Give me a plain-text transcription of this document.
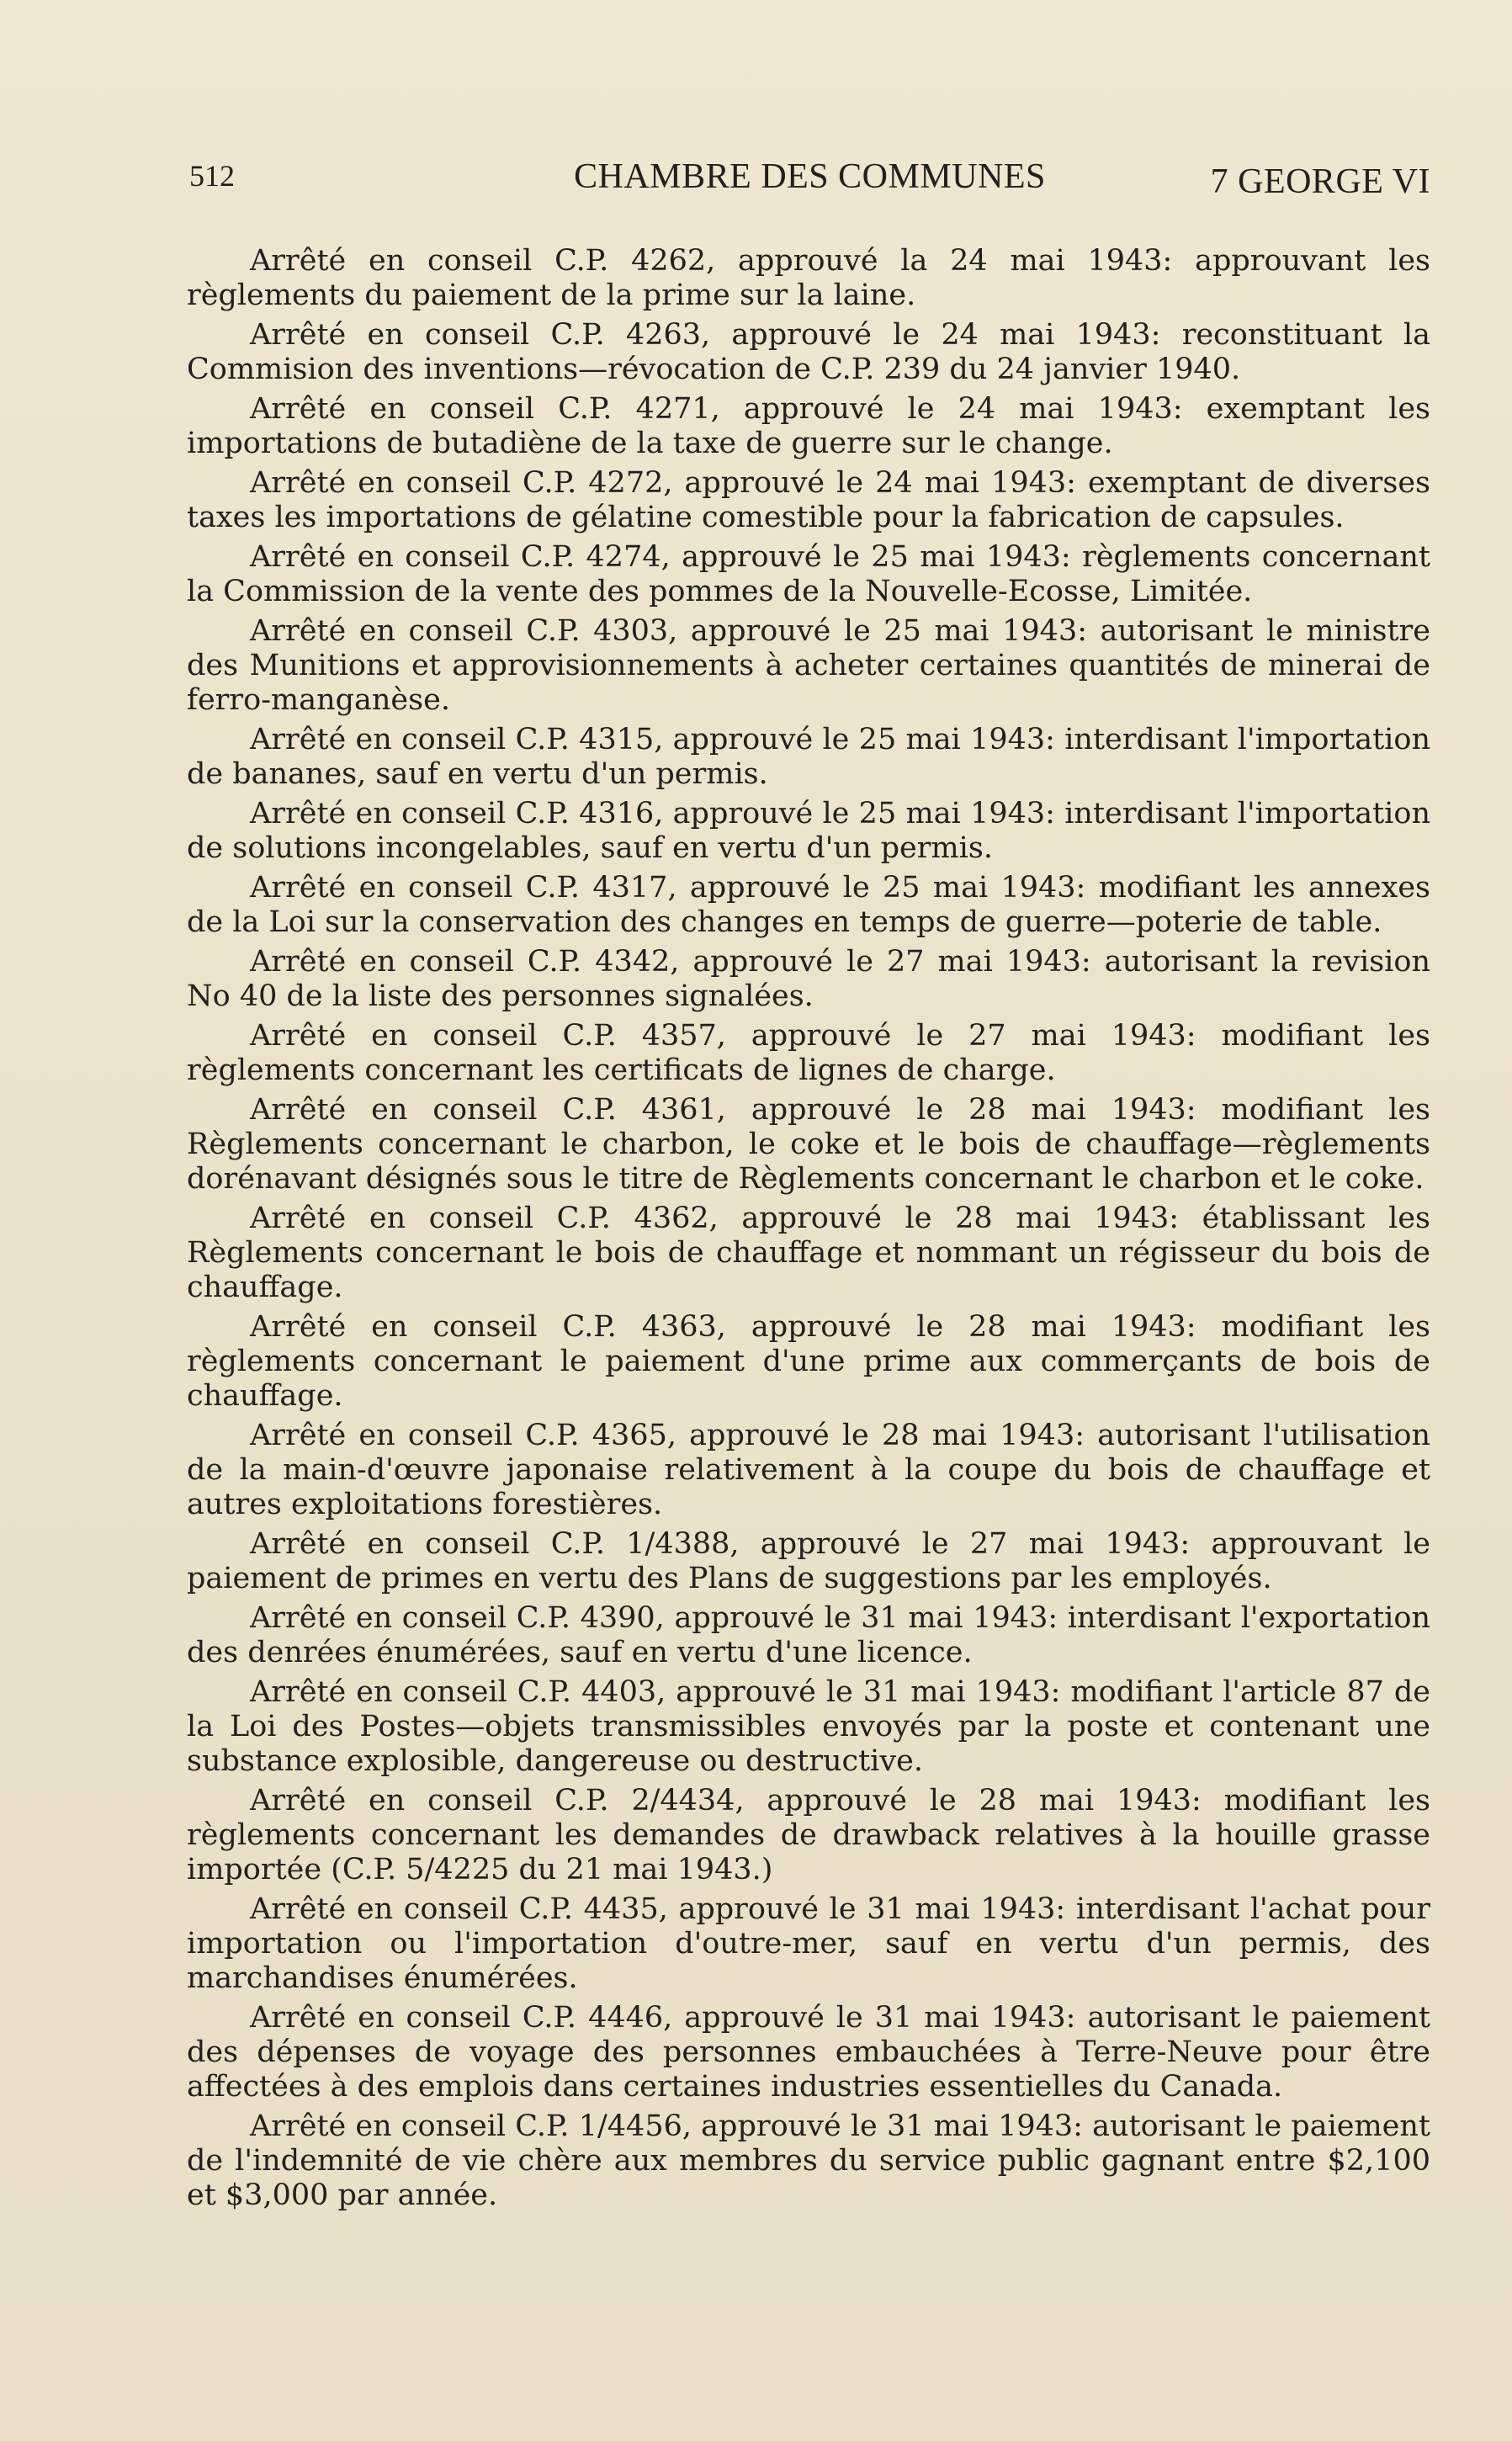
512	CHAMBRE DES COMMUNES	7 GEORGE VI

Arrêté en conseil C.P. 4262, approuvé la 24 mai 1943: approuvant les règlements du paiement de la prime sur la laine.

Arrêté en conseil C.P. 4263, approuvé le 24 mai 1943: reconstituant la Commision des inventions—révocation de C.P. 239 du 24 janvier 1940.

Arrêté en conseil C.P. 4271, approuvé le 24 mai 1943: exemptant les importations de butadiène de la taxe de guerre sur le change.

Arrêté en conseil C.P. 4272, approuvé le 24 mai 1943: exemptant de diverses taxes les importations de gélatine comestible pour la fabrication de capsules.

Arrêté en conseil C.P. 4274, approuvé le 25 mai 1943: règlements concernant la Commission de la vente des pommes de la Nouvelle-Ecosse, Limitée.

Arrêté en conseil C.P. 4303, approuvé le 25 mai 1943: autorisant le ministre des Munitions et approvisionnements à acheter certaines quantités de minerai de ferro-manganèse.

Arrêté en conseil C.P. 4315, approuvé le 25 mai 1943: interdisant l'importation de bananes, sauf en vertu d'un permis.

Arrêté en conseil C.P. 4316, approuvé le 25 mai 1943: interdisant l'importation de solutions incongelables, sauf en vertu d'un permis.

Arrêté en conseil C.P. 4317, approuvé le 25 mai 1943: modifiant les annexes de la Loi sur la conservation des changes en temps de guerre—poterie de table.

Arrêté en conseil C.P. 4342, approuvé le 27 mai 1943: autorisant la revision No 40 de la liste des personnes signalées.

Arrêté en conseil C.P. 4357, approuvé le 27 mai 1943: modifiant les règlements concernant les certificats de lignes de charge.

Arrêté en conseil C.P. 4361, approuvé le 28 mai 1943: modifiant les Règlements concernant le charbon, le coke et le bois de chauffage—règlements dorénavant désignés sous le titre de Règlements concernant le charbon et le coke.

Arrêté en conseil C.P. 4362, approuvé le 28 mai 1943: établissant les Règlements concernant le bois de chauffage et nommant un régisseur du bois de chauffage.

Arrêté en conseil C.P. 4363, approuvé le 28 mai 1943: modifiant les règlements concernant le paiement d'une prime aux commerçants de bois de chauffage.

Arrêté en conseil C.P. 4365, approuvé le 28 mai 1943: autorisant l'utilisation de la main-d'œuvre japonaise relativement à la coupe du bois de chauffage et autres exploitations forestières.

Arrêté en conseil C.P. 1/4388, approuvé le 27 mai 1943: approuvant le paiement de primes en vertu des Plans de suggestions par les employés.

Arrêté en conseil C.P. 4390, approuvé le 31 mai 1943: interdisant l'exportation des denrées énumérées, sauf en vertu d'une licence.

Arrêté en conseil C.P. 4403, approuvé le 31 mai 1943: modifiant l'article 87 de la Loi des Postes—objets transmissibles envoyés par la poste et contenant une substance explosible, dangereuse ou destructive.

Arrêté en conseil C.P. 2/4434, approuvé le 28 mai 1943: modifiant les règlements concernant les demandes de drawback relatives à la houille grasse importée (C.P. 5/4225 du 21 mai 1943.)

Arrêté en conseil C.P. 4435, approuvé le 31 mai 1943: interdisant l'achat pour importation ou l'importation d'outre-mer, sauf en vertu d'un permis, des marchandises énumérées.

Arrêté en conseil C.P. 4446, approuvé le 31 mai 1943: autorisant le paiement des dépenses de voyage des personnes embauchées à Terre-Neuve pour être affectées à des emplois dans certaines industries essentielles du Canada.

Arrêté en conseil C.P. 1/4456, approuvé le 31 mai 1943: autorisant le paiement de l'indemnité de vie chère aux membres du service public gagnant entre $2,100 et $3,000 par année.
